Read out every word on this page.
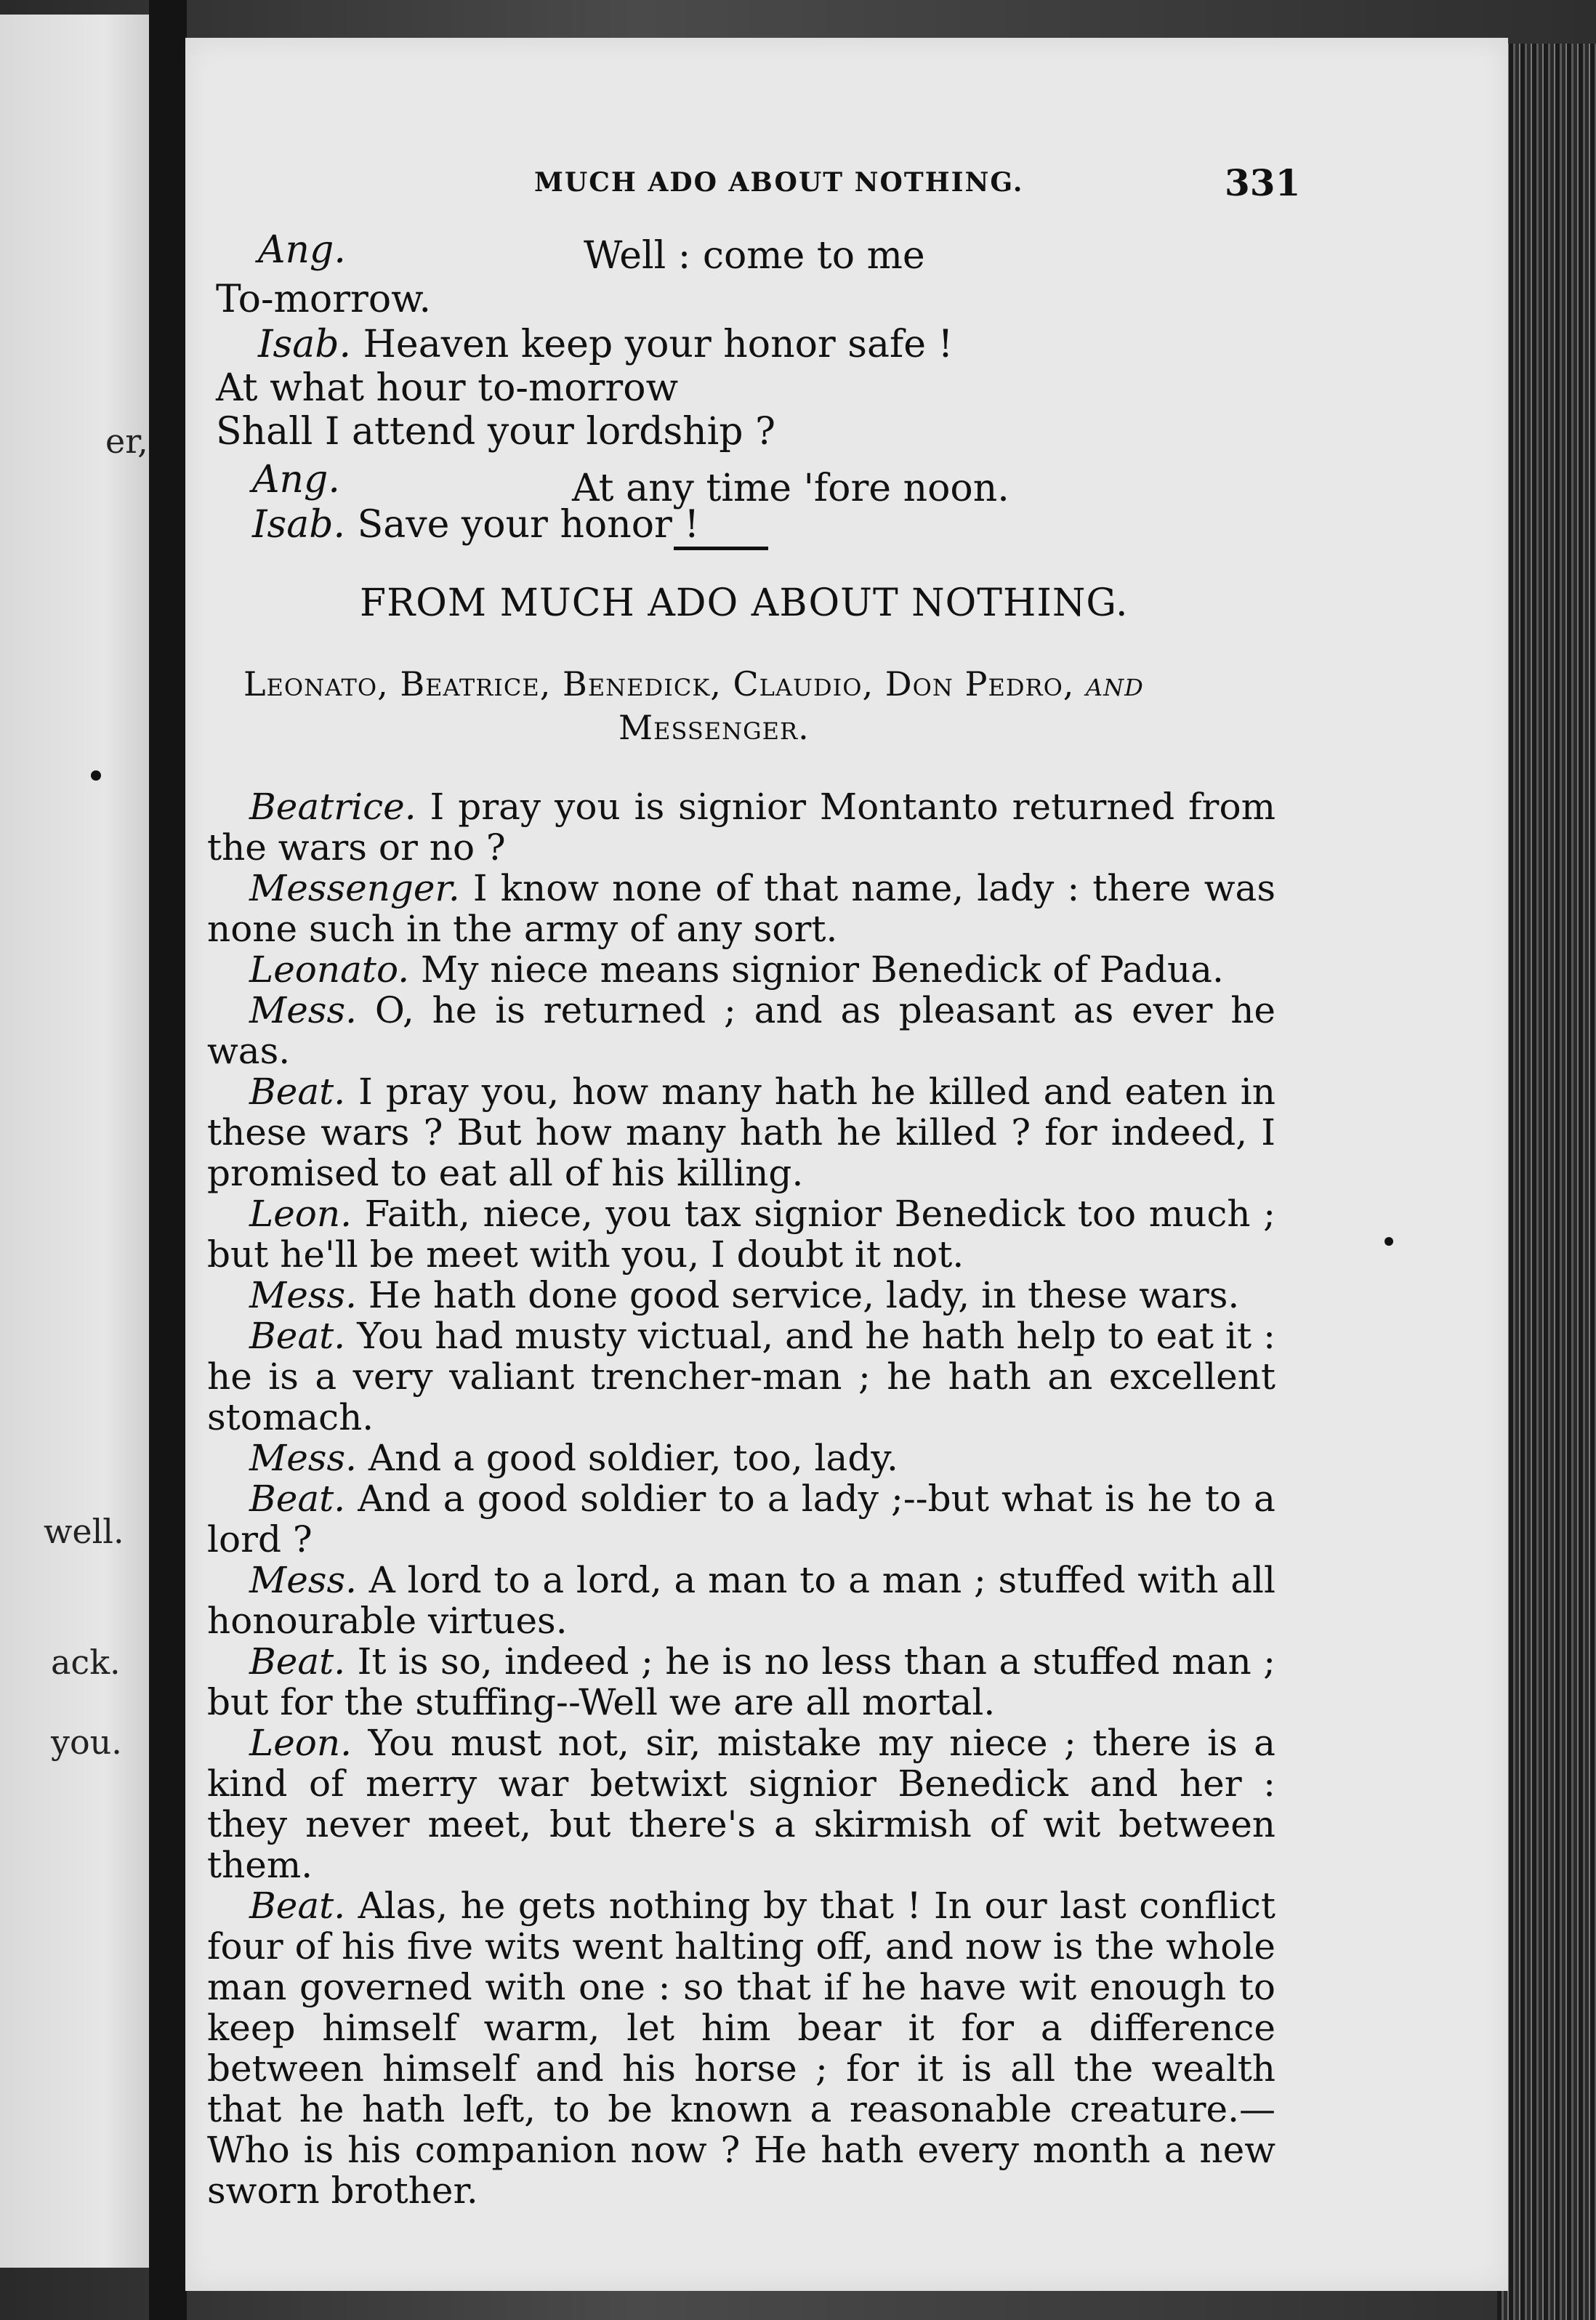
er,
well.
ack.
you.
MUCH ADO ABOUT NOTHING.	331
Ang.	Well : come to me
To-morrow.
Isab. Heaven keep your honor safe !
At what hour to-morrow
Shall I attend your lordship ?
Ang.	At any time 'fore noon.
Isab. Save your honor !
FROM MUCH ADO ABOUT NOTHING.
Leonato, Beatrice, Benedick, Claudio, Don Pedro, and
Messenger.

Beatrice. I pray you is signior Montanto returned from the wars or no ?

Messenger. I know none of that name, lady : there was none such in the army of any sort.

Leonato. My niece means signior Benedick of Padua.

Mess. O, he is returned ; and as pleasant as ever he was.

Beat. I pray you, how many hath he killed and eaten in these wars ? But how many hath he killed ? for indeed, I promised to eat all of his killing.

Leon. Faith, niece, you tax signior Benedick too much ; but he'll be meet with you, I doubt it not.

Mess. He hath done good service, lady, in these wars.

Beat. You had musty victual, and he hath help to eat it : he is a very valiant trencher-man ; he hath an excellent stomach.

Mess. And a good soldier, too, lady.

Beat. And a good soldier to a lady ;--but what is he to a lord ?

Mess. A lord to a lord, a man to a man ; stuffed with all honourable virtues.

Beat. It is so, indeed ; he is no less than a stuffed man ; but for the stuffing--Well we are all mortal.

Leon. You must not, sir, mistake my niece ; there is a kind of merry war betwixt signior Benedick and her : they never meet, but there's a skirmish of wit between them.

Beat. Alas, he gets nothing by that ! In our last conflict four of his five wits went halting off, and now is the whole man governed with one : so that if he have wit enough to keep himself warm, let him bear it for a difference between himself and his horse ; for it is all the wealth that he hath left, to be known a reasonable creature.—Who is his companion now ? He hath every month a new sworn brother.
